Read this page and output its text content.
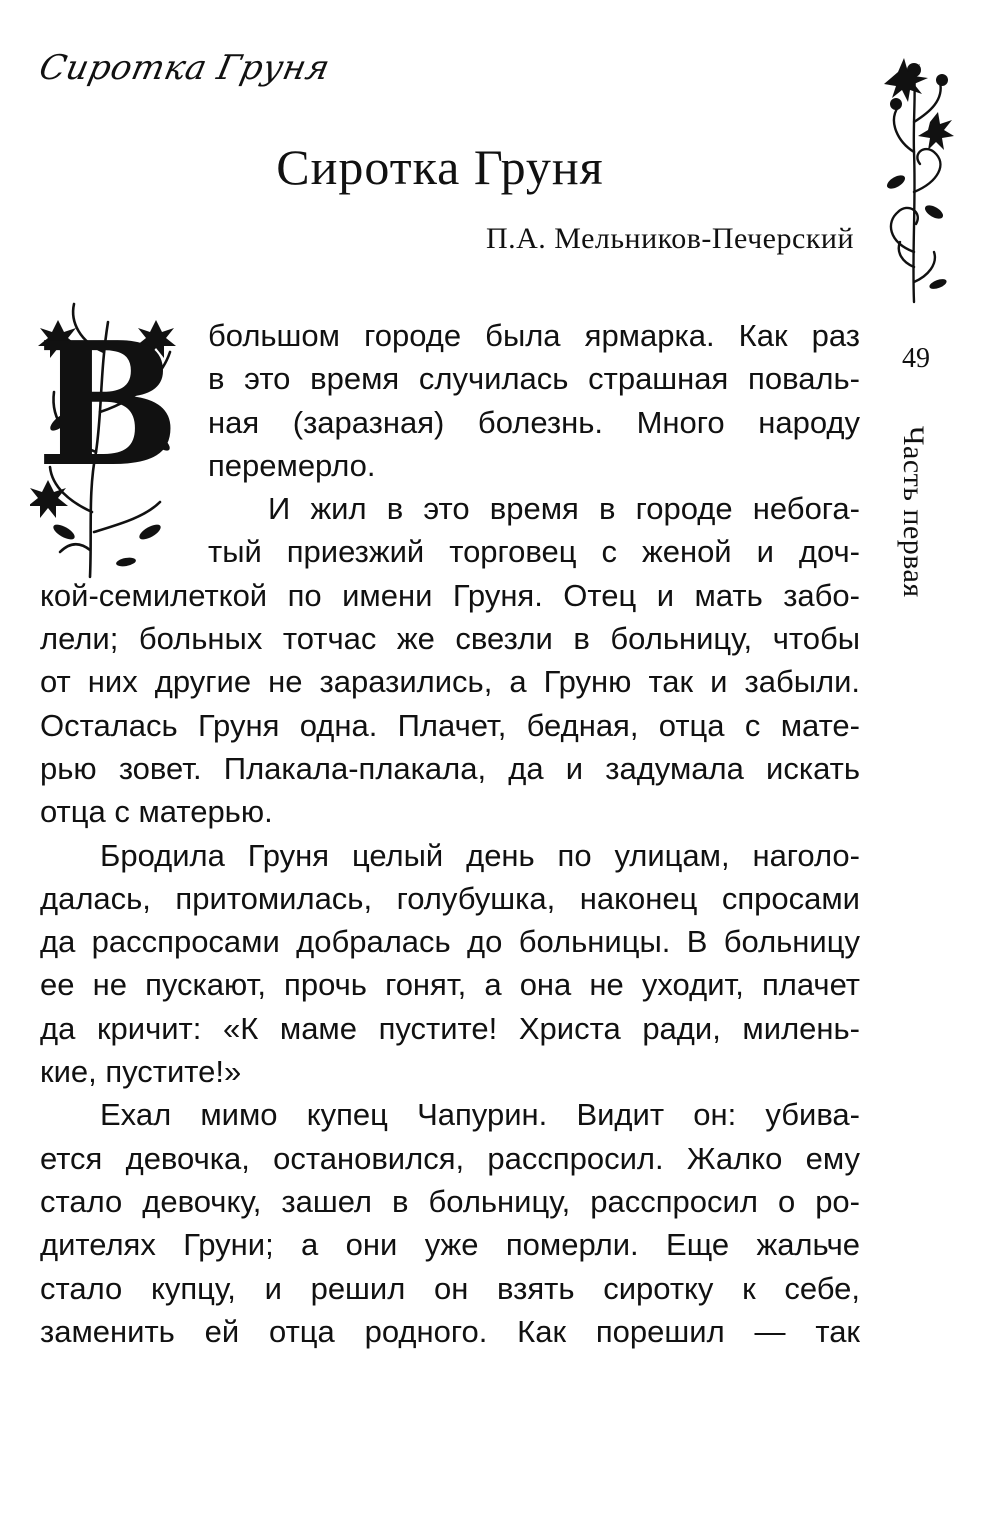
Сиротка Груня
Сиротка Груня
П.А. Мельников-Печерский
49
Часть первая
В большом городе была ярмарка. Как раз
в это время случилась страшная поваль-
ная (заразная) болезнь. Много народу
перемерло.
И жил в это время в городе небога-
тый приезжий торговец с женой и доч-
кой-семилеткой по имени Груня. Отец и мать забо-
лели; больных тотчас же свезли в больницу, чтобы
от них другие не заразились, а Груню так и забыли.
Осталась Груня одна. Плачет, бедная, отца с мате-
рью зовет. Плакала-плакала, да и задумала искать
отца с матерью.
Бродила Груня целый день по улицам, наголо-
далась, притомилась, голубушка, наконец спросами
да расспросами добралась до больницы. В больницу
ее не пускают, прочь гонят, а она не уходит, плачет
да кричит: «К маме пустите! Христа ради, милень-
кие, пустите!»
Ехал мимо купец Чапурин. Видит он: убива-
ется девочка, остановился, расспросил. Жалко ему
стало девочку, зашел в больницу, расспросил о ро-
дителях Груни; а они уже померли. Еще жальче
стало купцу, и решил он взять сиротку к себе,
заменить ей отца родного. Как порешил — так
